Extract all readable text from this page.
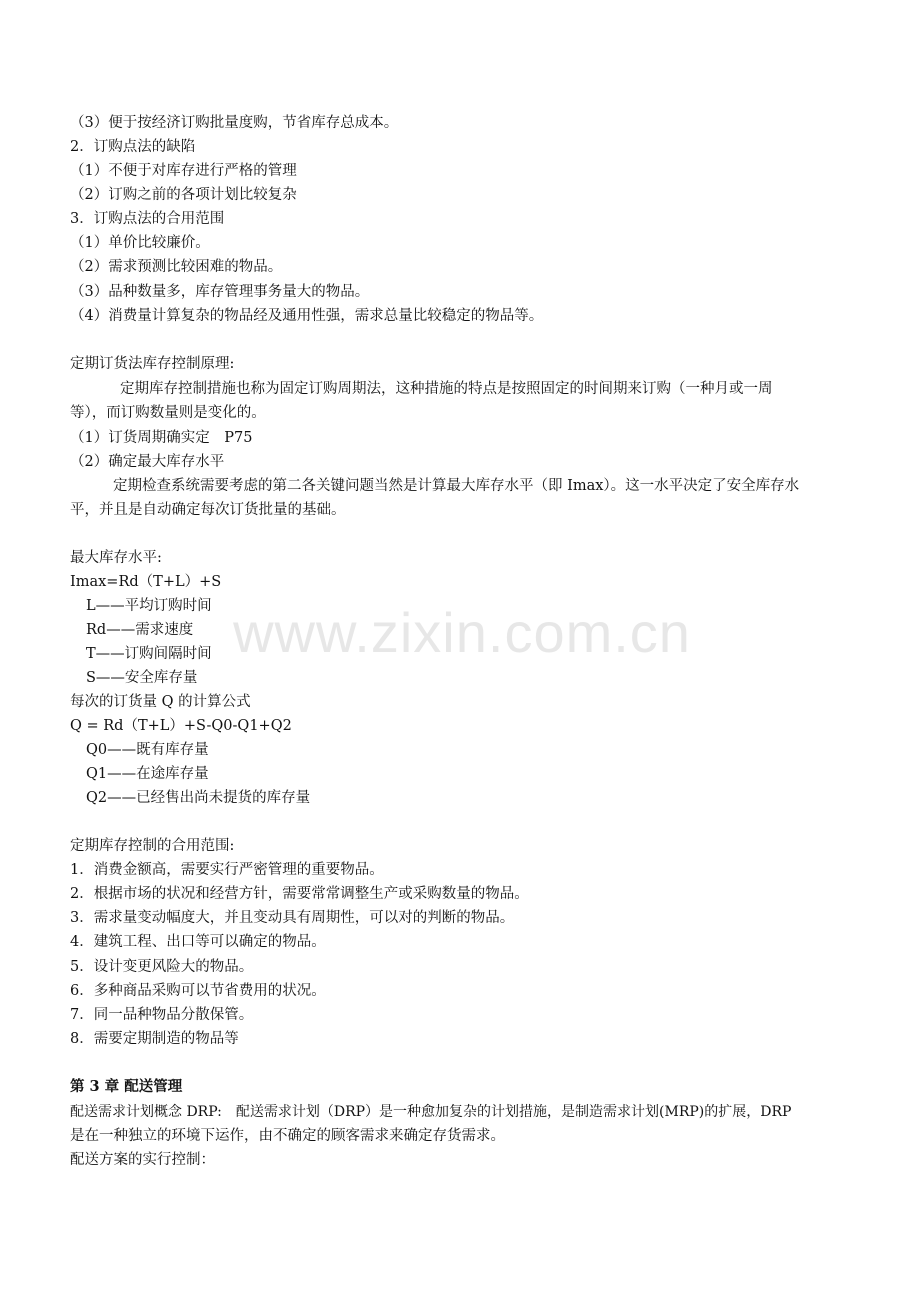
（3）便于按经济订购批量度购，节省库存总成本。
2．订购点法的缺陷
（1）不便于对库存进行严格的管理
（2）订购之前的各项计划比较复杂
3．订购点法的合用范围
（1）单价比较廉价。
（2）需求预测比较困难的物品。
（3）品种数量多，库存管理事务量大的物品。
（4）消费量计算复杂的物品经及通用性强，需求总量比较稳定的物品等。
定期订货法库存控制原理:
定期库存控制措施也称为固定订购周期法，这种措施的特点是按照固定的时间期来订购（一种月或一周
等），而订购数量则是变化的。
（1）订货周期确实定　P75
（2）确定最大库存水平
定期检查系统需要考虑的第二各关键问题当然是计算最大库存水平（即 Imax）。这一水平决定了安全库存水
平，并且是自动确定每次订货批量的基础。
最大库存水平:
Imax=Rd（T+L）+S
L——平均订购时间
Rd——需求速度
T——订购间隔时间
S——安全库存量
每次的订货量 Q 的计算公式
Q = Rd（T+L）+S-Q0-Q1+Q2
Q0——既有库存量
Q1——在途库存量
Q2——已经售出尚未提货的库存量
定期库存控制的合用范围:
1．消费金额高，需要实行严密管理的重要物品。
2．根据市场的状况和经营方针，需要常常调整生产或采购数量的物品。
3．需求量变动幅度大，并且变动具有周期性，可以对的判断的物品。
4．建筑工程、出口等可以确定的物品。
5．设计变更风险大的物品。
6．多种商品采购可以节省费用的状况。
7．同一品种物品分散保管。
8．需要定期制造的物品等
第 3 章 配送管理
配送需求计划概念 DRP:　配送需求计划（DRP）是一种愈加复杂的计划措施，是制造需求计划(MRP)的扩展，DRP
是在一种独立的环境下运作，由不确定的顾客需求来确定存货需求。
配送方案的实行控制：
www.zixin.com.cn
